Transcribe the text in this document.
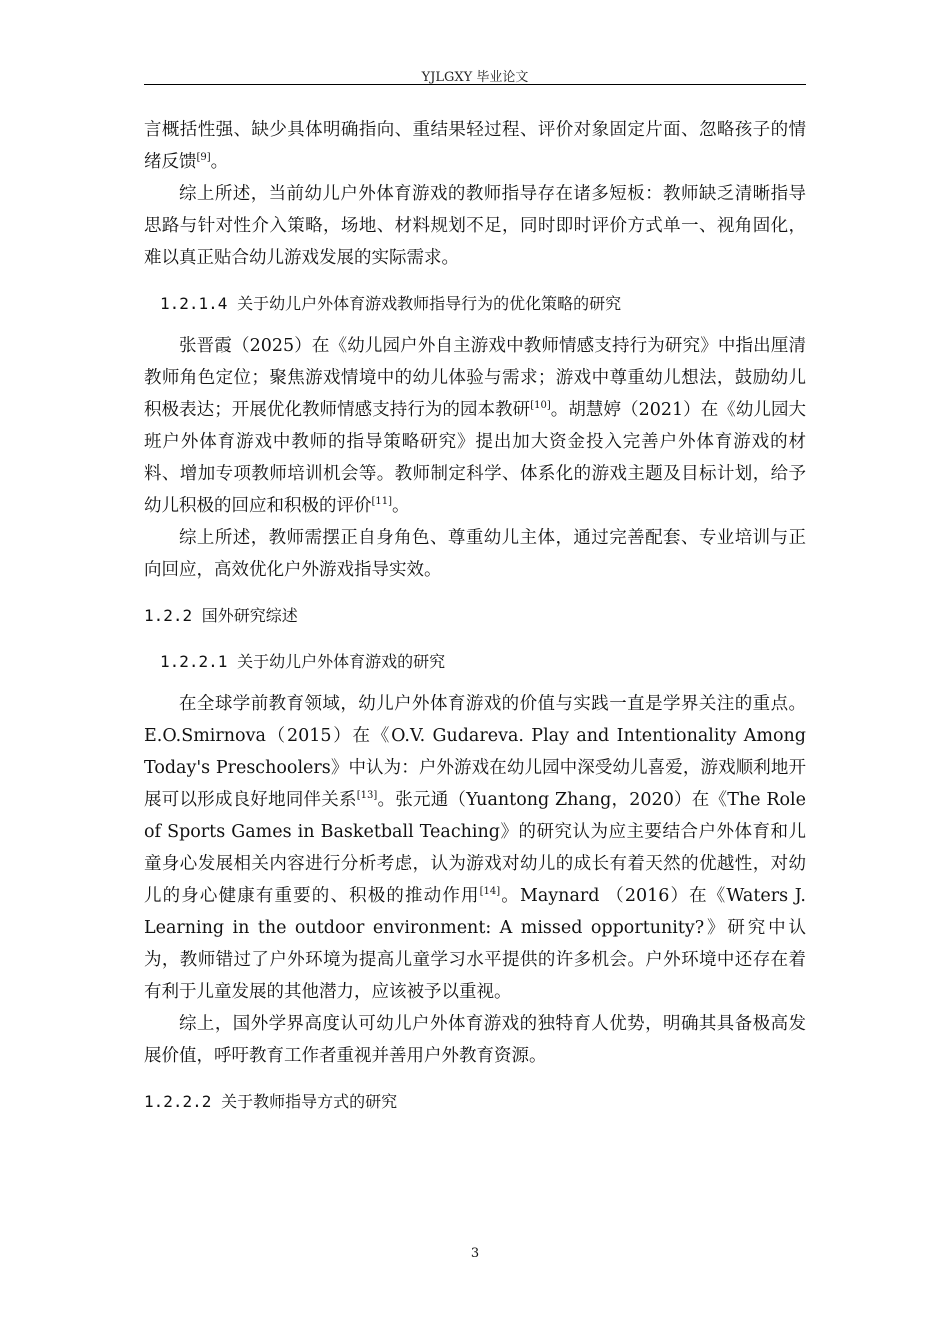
YJLGXY 毕业论文

言概括性强、缺少具体明确指向、重结果轻过程、评价对象固定片面、忽略孩子的情绪反馈[9]。

综上所述，当前幼儿户外体育游戏的教师指导存在诸多短板：教师缺乏清晰指导思路与针对性介入策略，场地、材料规划不足，同时即时评价方式单一、视角固化，难以真正贴合幼儿游戏发展的实际需求。

1.2.1.4 关于幼儿户外体育游戏教师指导行为的优化策略的研究

张晋霞（2025）在《幼儿园户外自主游戏中教师情感支持行为研究》中指出厘清教师角色定位；聚焦游戏情境中的幼儿体验与需求；游戏中尊重幼儿想法，鼓励幼儿积极表达；开展优化教师情感支持行为的园本教研[10]。胡慧婷（2021）在《幼儿园大班户外体育游戏中教师的指导策略研究》提出加大资金投入完善户外体育游戏的材料、增加专项教师培训机会等。教师制定科学、体系化的游戏主题及目标计划，给予幼儿积极的回应和积极的评价[11]。

综上所述，教师需摆正自身角色、尊重幼儿主体，通过完善配套、专业培训与正向回应，高效优化户外游戏指导实效。

1.2.2 国外研究综述
1.2.2.1 关于幼儿户外体育游戏的研究

在全球学前教育领域，幼儿户外体育游戏的价值与实践一直是学界关注的重点。E.O.Smirnova（2015）在《O.V. Gudareva. Play and Intentionality Among Today's Preschoolers》中认为：户外游戏在幼儿园中深受幼儿喜爱，游戏顺利地开展可以形成良好地同伴关系[13]。张元通（Yuantong Zhang，2020）在《The Role of Sports Games in Basketball Teaching》的研究认为应主要结合户外体育和儿童身心发展相关内容进行分析考虑，认为游戏对幼儿的成长有着天然的优越性，对幼儿的身心健康有重要的、积极的推动作用[14]。Maynard （2016）在《Waters J. Learning in the outdoor environment: A missed opportunity?》研究中认为，教师错过了户外环境为提高儿童学习水平提供的许多机会。户外环境中还存在着有利于儿童发展的其他潜力，应该被予以重视。

综上，国外学界高度认可幼儿户外体育游戏的独特育人优势，明确其具备极高发展价值，呼吁教育工作者重视并善用户外教育资源。

1.2.2.2 关于教师指导方式的研究
3
